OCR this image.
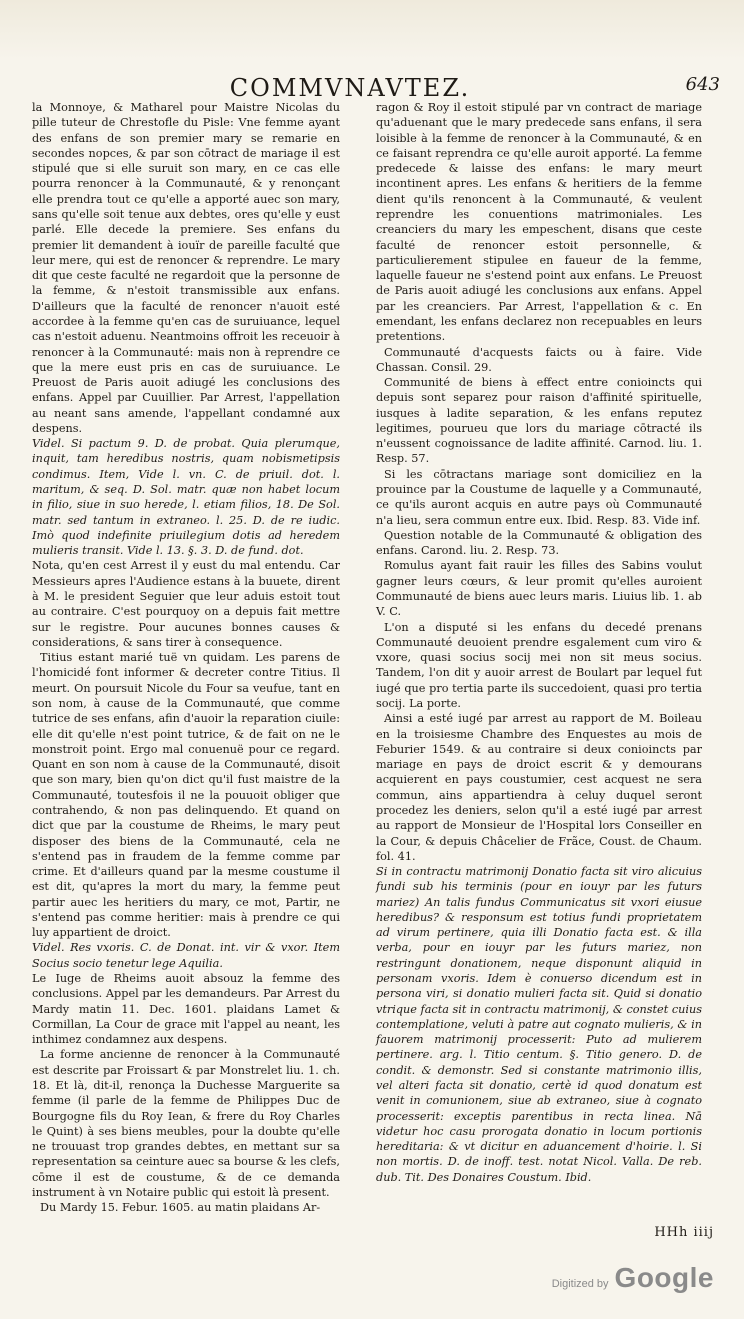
COMMVNAVTEZ.	643

la Monnoye, & Matharel pour Maistre Nicolas du pille tuteur de Chrestofle du Pisle: Vne femme ayant des enfans de son premier mary se remarie en secondes nopces, & par son cōtract de mariage il est stipulé que si elle suruit son mary, en ce cas elle pourra renoncer à la Communauté, & y renonçant elle prendra tout ce qu'elle a apporté auec son mary, sans qu'elle soit tenue aux debtes, ores qu'elle y eust parlé. Elle decede la premiere. Ses enfans du premier lit demandent à iouïr de pareille faculté que leur mere, qui est de renoncer & reprendre. Le mary dit que ceste faculté ne regardoit que la personne de la femme, & n'estoit transmissible aux enfans. D'ailleurs que la faculté de renoncer n'auoit esté accordee à la femme qu'en cas de suruiuance, lequel cas n'estoit aduenu. Neantmoins offroit les receuoir à renoncer à la Communauté: mais non à reprendre ce que la mere eust pris en cas de suruiuance. Le Preuost de Paris auoit adiugé les conclusions des enfans. Appel par Cuuillier. Par Arrest, l'appellation au neant sans amende, l'appellant condamné aux despens.

Videl. Si pactum 9. D. de probat. Quia plerumque, inquit, tam heredibus nostris, quam nobismetipsis condimus. Item, Vide l. vn. C. de priuil. dot. l. maritum, & seq. D. Sol. matr. quæ non habet locum in filio, siue in suo herede, l. etiam filios, 18. De Sol. matr. sed tantum in extraneo. l. 25. D. de re iudic. Imò quod indefinite priuilegium dotis ad heredem mulieris transit. Vide l. 13. §. 3. D. de fund. dot.

Nota, qu'en cest Arrest il y eust du mal entendu. Car Messieurs apres l'Audience estans à la buuete, dirent à M. le president Seguier que leur aduis estoit tout au contraire. C'est pourquoy on a depuis fait mettre sur le registre. Pour aucunes bonnes causes & considerations, & sans tirer à consequence.

Titius estant marié tuë vn quidam. Les parens de l'homicidé font informer & decreter contre Titius. Il meurt. On poursuit Nicole du Four sa veufue, tant en son nom, à cause de la Communauté, que comme tutrice de ses enfans, afin d'auoir la reparation ciuile: elle dit qu'elle n'est point tutrice, & de fait on ne le monstroit point. Ergo mal conuenuë pour ce regard. Quant en son nom à cause de la Communauté, disoit que son mary, bien qu'on dict qu'il fust maistre de la Communauté, toutesfois il ne la pouuoit obliger que contrahendo, & non pas delinquendo. Et quand on dict que par la coustume de Rheims, le mary peut disposer des biens de la Communauté, cela ne s'entend pas in fraudem de la femme comme par crime. Et d'ailleurs quand par la mesme coustume il est dit, qu'apres la mort du mary, la femme peut partir auec les heritiers du mary, ce mot, Partir, ne s'entend pas comme heritier: mais à prendre ce qui luy appartient de droict.

Videl. Res vxoris. C. de Donat. int. vir & vxor. Item Socius socio tenetur lege Aquilia.

Le Iuge de Rheims auoit absouz la femme des conclusions. Appel par les demandeurs. Par Arrest du Mardy matin 11. Dec. 1601. plaidans Lamet & Cormillan, La Cour de grace mit l'appel au neant, les inthimez condamnez aux despens.

La forme ancienne de renoncer à la Communauté est descrite par Froissart & par Monstrelet liu. 1. ch. 18. Et là, dit-il, renonça la Duchesse Marguerite sa femme (il parle de la femme de Philippes Duc de Bourgogne fils du Roy Iean, & frere du Roy Charles le Quint) à ses biens meubles, pour la doubte qu'elle ne trouuast trop grandes debtes, en mettant sur sa representation sa ceinture auec sa bourse & les clefs, cōme il est de coustume, & de ce demanda instrument à vn Notaire public qui estoit là present.

Du Mardy 15. Febur. 1605. au matin plaidans Ar-

ragon & Roy il estoit stipulé par vn contract de mariage qu'aduenant que le mary predecede sans enfans, il sera loisible à la femme de renoncer à la Communauté, & en ce faisant reprendra ce qu'elle auroit apporté. La femme predecede & laisse des enfans: le mary meurt incontinent apres. Les enfans & heritiers de la femme dient qu'ils renoncent à la Communauté, & veulent reprendre les conuentions matrimoniales. Les creanciers du mary les empeschent, disans que ceste faculté de renoncer estoit personnelle, & particulierement stipulee en faueur de la femme, laquelle faueur ne s'estend point aux enfans. Le Preuost de Paris auoit adiugé les conclusions aux enfans. Appel par les creanciers. Par Arrest, l'appellation & c. En emendant, les enfans declarez non recepuables en leurs pretentions.

Communauté d'acquests faicts ou à faire. Vide Chassan. Consil. 29.

Communité de biens à effect entre conioincts qui depuis sont separez pour raison d'affinité spirituelle, iusques à ladite separation, & les enfans reputez legitimes, pourueu que lors du mariage cōtracté ils n'eussent cognoissance de ladite affinité. Carnod. liu. 1. Resp. 57.

Si les cōtractans mariage sont domiciliez en la prouince par la Coustume de laquelle y a Communauté, ce qu'ils auront acquis en autre pays où Communauté n'a lieu, sera commun entre eux. Ibid. Resp. 83. Vide inf.

Question notable de la Communauté & obligation des enfans. Carond. liu. 2. Resp. 73.

Romulus ayant fait rauir les filles des Sabins voulut gagner leurs cœurs, & leur promit qu'elles auroient Communauté de biens auec leurs maris. Liuius lib. 1. ab V. C.

L'on a disputé si les enfans du decedé prenans Communauté deuoient prendre esgalement cum viro & vxore, quasi socius socij mei non sit meus socius. Tandem, l'on dit y auoir arrest de Boulart par lequel fut iugé que pro tertia parte ils succedoient, quasi pro tertia socij. La porte.

Ainsi a esté iugé par arrest au rapport de M. Boileau en la troisiesme Chambre des Enquestes au mois de Feburier 1549. & au contraire si deux conioincts par mariage en pays de droict escrit & y demourans acquierent en pays coustumier, cest acquest ne sera commun, ains appartiendra à celuy duquel seront procedez les deniers, selon qu'il a esté iugé par arrest au rapport de Monsieur de l'Hospital lors Conseiller en la Cour, & depuis Châcelier de Frãce, Coust. de Chaum. fol. 41.

Si in contractu matrimonij Donatio facta sit viro alicuius fundi sub his terminis (pour en iouyr par les futurs mariez) An talis fundus Communicatus sit vxori eiusue heredibus? & responsum est totius fundi proprietatem ad virum pertinere, quia illi Donatio facta est. & illa verba, pour en iouyr par les futurs mariez, non restringunt donationem, neque disponunt aliquid in personam vxoris. Idem è conuerso dicendum est in persona viri, si donatio mulieri facta sit. Quid si donatio vtrique facta sit in contractu matrimonij, & constet cuius contemplatione, veluti à patre aut cognato mulieris, & in fauorem matrimonij processerit: Puto ad mulierem pertinere. arg. l. Titio centum. §. Titio genero. D. de condit. & demonstr. Sed si constante matrimonio illis, vel alteri facta sit donatio, certè id quod donatum est venit in comunionem, siue ab extraneo, siue à cognato processerit: exceptis parentibus in recta linea. Nā videtur hoc casu prorogata donatio in locum portionis hereditaria: & vt dicitur en aduancement d'hoirie. l. Si non mortis. D. de inoff. test. notat Nicol. Valla. De reb. dub. Tit. Des Donaires Coustum. Ibid.

HHh iiij
Digitized by Google
